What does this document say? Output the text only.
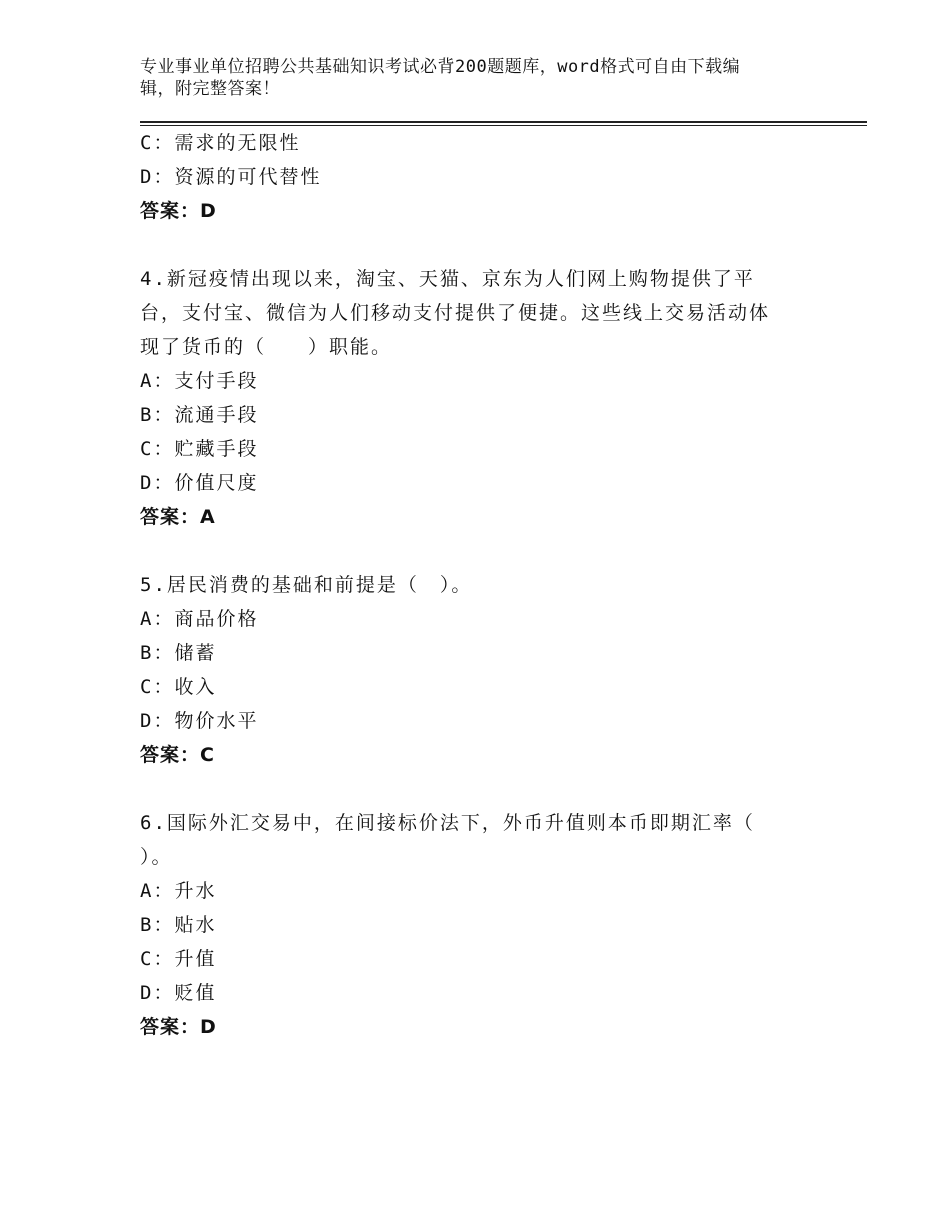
专业事业单位招聘公共基础知识考试必背200题题库，word格式可自由下载编
辑，附完整答案！
C：需求的无限性
D：资源的可代替性
答案：D
4.新冠疫情出现以来，淘宝、天猫、京东为人们网上购物提供了平
台，支付宝、微信为人们移动支付提供了便捷。这些线上交易活动体
现了货币的（　　）职能。
A：支付手段
B：流通手段
C：贮藏手段
D：价值尺度
答案：A
5.居民消费的基础和前提是（　）。
A：商品价格
B：储蓄
C：收入
D：物价水平
答案：C
6.国际外汇交易中，在间接标价法下，外币升值则本币即期汇率（
）。
A：升水
B：贴水
C：升值
D：贬值
答案：D
